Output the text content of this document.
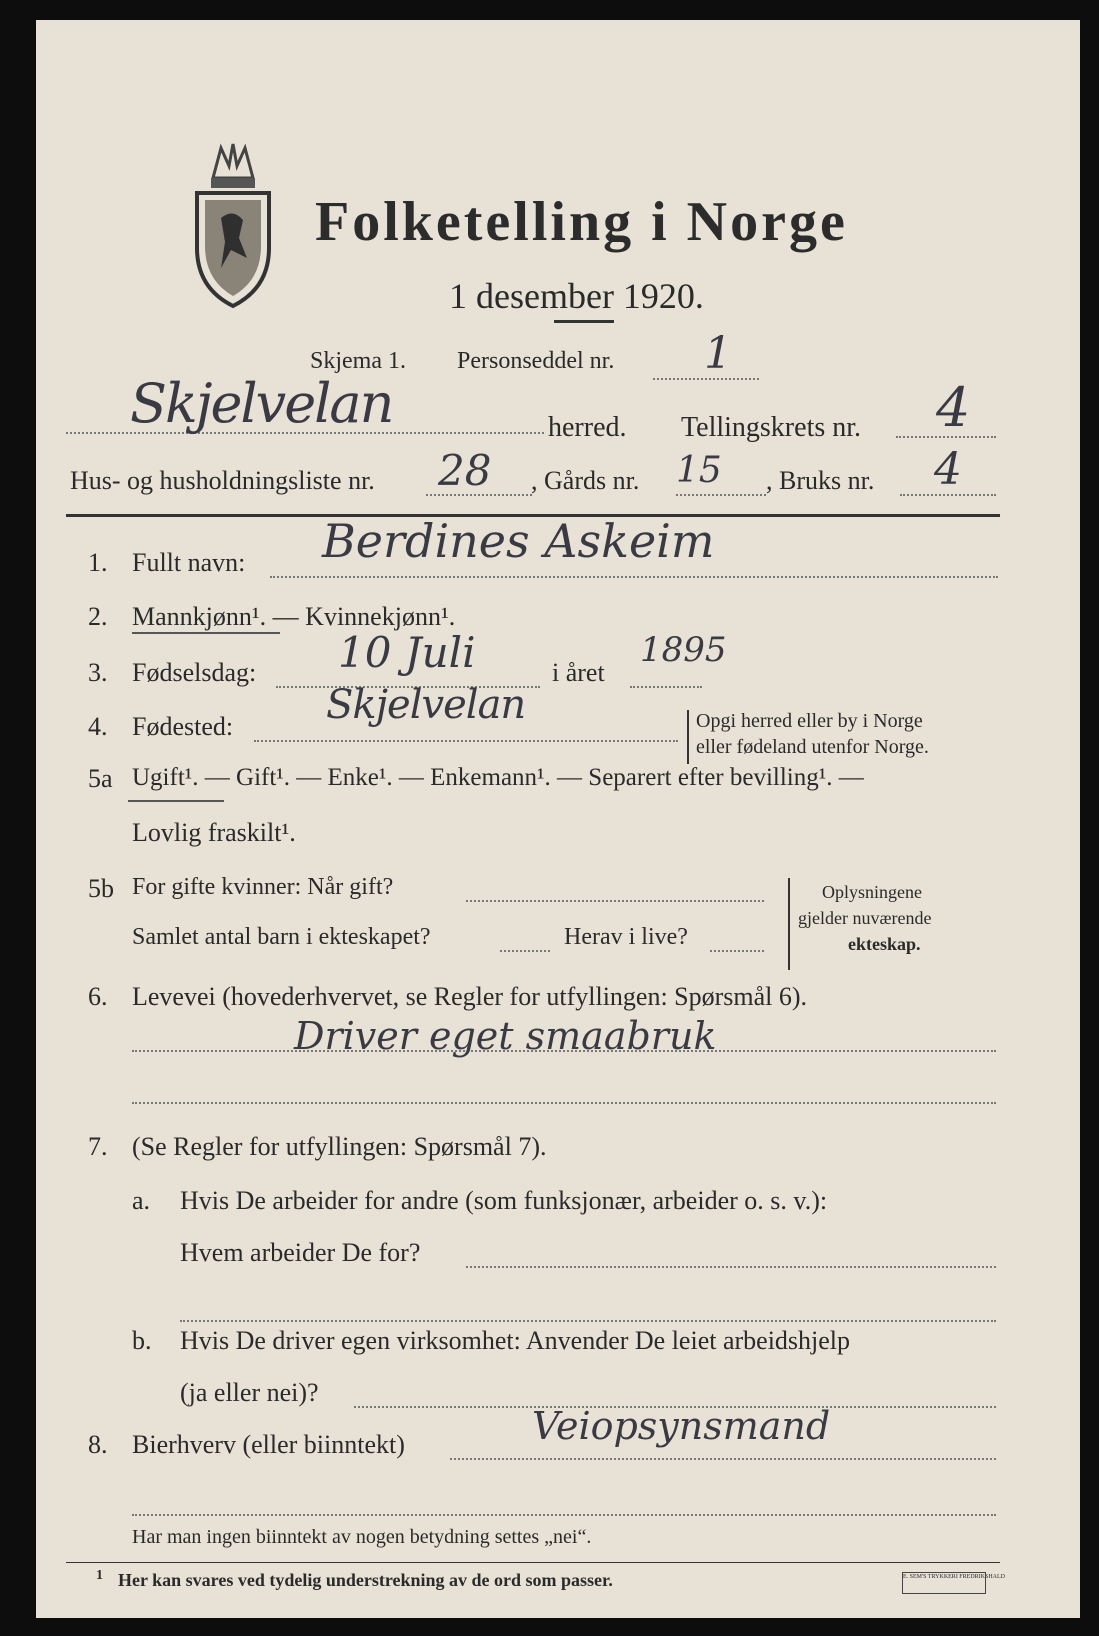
Folketelling i Norge
1 desember 1920.
Skjema 1. Personseddel nr. 1
Skjelvelan	herred. Tellingskrets nr. 4
Hus- og husholdningsliste nr. 28 , Gårds nr. 15 , Bruks nr. 4
1. Fullt navn: Berdines Askeim
2. Mannkjønn¹. — Kvinnekjønn¹.
3. Fødselsdag: 10 Juli	i året
1895
4. Fødested: Skjelvelan	Opgi herred eller by i Norge
eller fødeland utenfor Norge.
5a Ugift¹. — Gift¹. — Enke¹. — Enkemann¹. — Separert efter bevilling¹. —
Lovlig fraskilt¹.
5b For gifte kvinner: Når gift?
Samlet antal barn i ekteskapet?	Herav i live?
Oplysningene
gjelder nuværende
ekteskap.
6. Levevei (hovederhvervet, se Regler for utfyllingen: Spørsmål 6).
Driver eget smaabruk
7. (Se Regler for utfyllingen: Spørsmål 7).
a. Hvis De arbeider for andre (som funksjonær, arbeider o. s. v.):
Hvem arbeider De for?
b. Hvis De driver egen virksomhet: Anvender De leiet arbeidshjelp
(ja eller nei)?
8. Bierhverv (eller biinntekt)	Veiopsynsmand
Har man ingen biinntekt av nogen betydning settes „nei“.
1 Her kan svares ved tydelig understrekning av de ord som passer.	E. SEM'S TRYKKERI FREDRIKSHALD
